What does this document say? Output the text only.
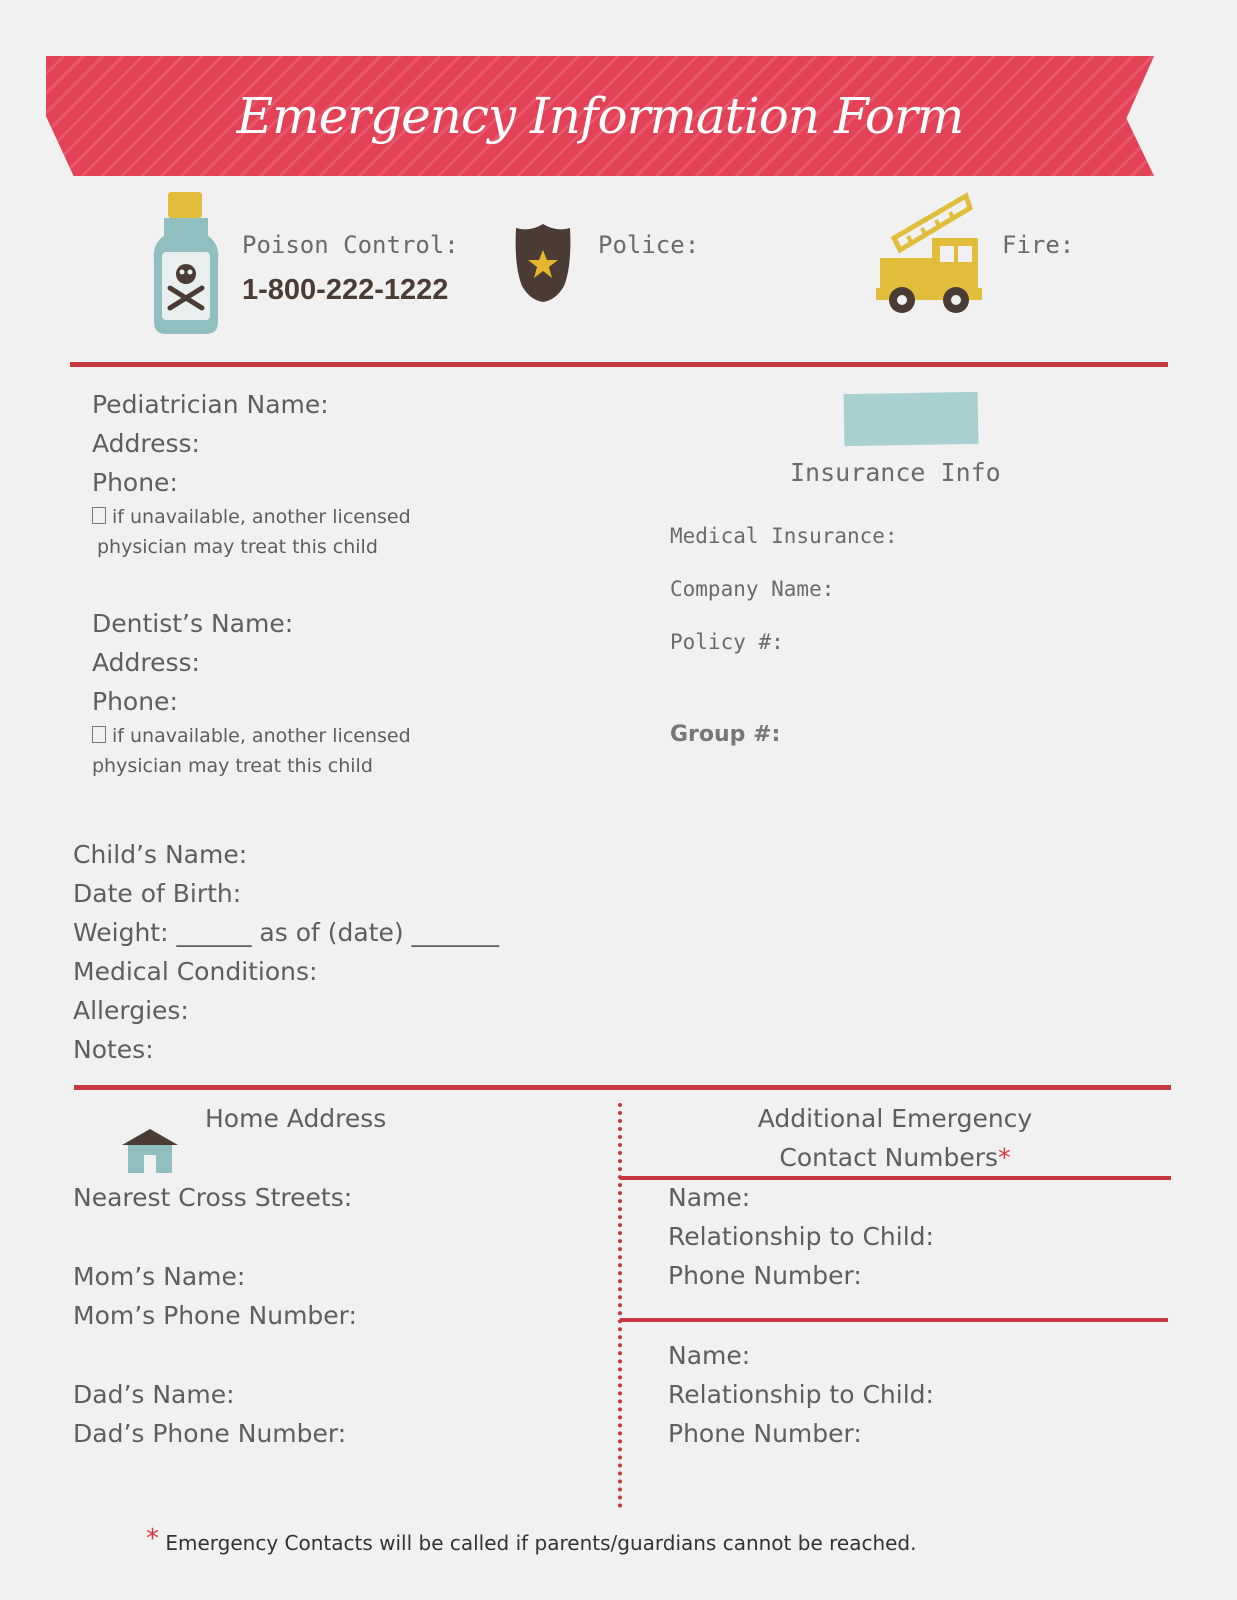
Emergency Information Form
Poison Control:
1-800-222-1222
Police:	Fire:
Pediatrician Name:
Address:
Phone:
if unavailable, another licensed
physician may treat this child
Dentist’s Name:
Address:
Phone:
if unavailable, another licensed
physician may treat this child
Insurance Info
Medical Insurance:
Company Name:
Policy #:
Group #:
Child’s Name:
Date of Birth:
Weight: ______ as of (date) _______
Medical Conditions:
Allergies:
Notes:
Home Address
Nearest Cross Streets:
Mom’s Name:
Mom’s Phone Number:
Dad’s Name:
Dad’s Phone Number:
Additional Emergency
Contact Numbers*
Name:
Relationship to Child:
Phone Number:
Name:
Relationship to Child:
Phone Number:
* Emergency Contacts will be called if parents/guardians cannot be reached.
